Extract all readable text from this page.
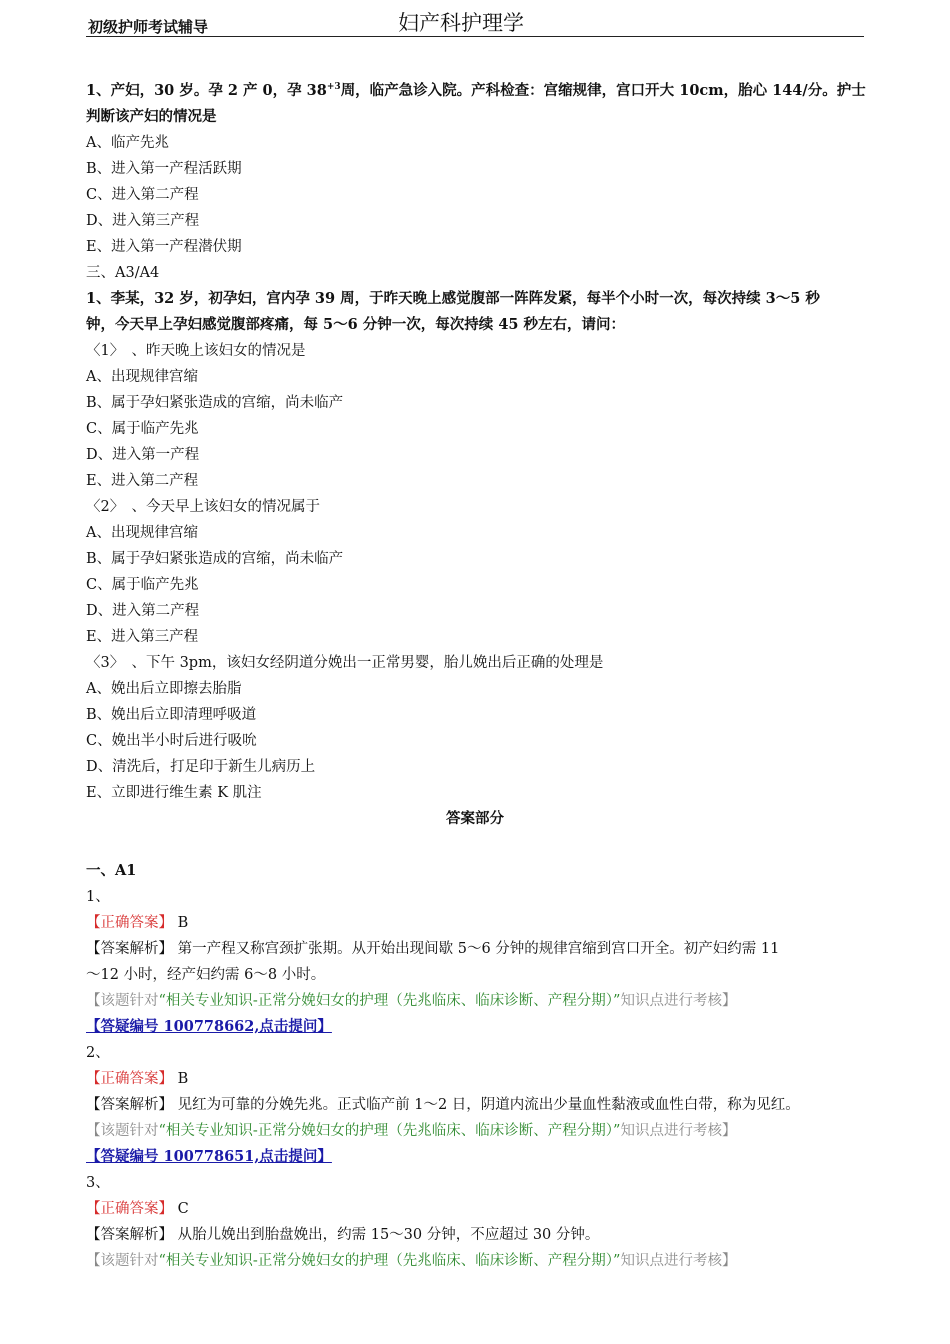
初级护师考试辅导	妇产科护理学
1、产妇，30 岁。孕 2 产 0，孕 $38^{+3}$周，临产急诊入院。产科检查：宫缩规律，宫口开大 10cm，胎心 144/分。护士
判断该产妇的情况是
A、临产先兆
B、进入第一产程活跃期
C、进入第二产程
D、进入第三产程
E、进入第一产程潜伏期
三、A3/A4
1、李某，32 岁，初孕妇，宫内孕 39 周，于昨天晚上感觉腹部一阵阵发紧，每半个小时一次，每次持续 3～5 秒
钟，今天早上孕妇感觉腹部疼痛，每 5～6 分钟一次，每次持续 45 秒左右，请问：
〈1〉　、昨天晚上该妇女的情况是
A、出现规律宫缩
B、属于孕妇紧张造成的宫缩，尚未临产
C、属于临产先兆
D、进入第一产程
E、进入第二产程
〈2〉　、今天早上该妇女的情况属于
A、出现规律宫缩
B、属于孕妇紧张造成的宫缩，尚未临产
C、属于临产先兆
D、进入第二产程
E、进入第三产程
〈3〉　、下午 3pm，该妇女经阴道分娩出一正常男婴，胎儿娩出后正确的处理是
A、娩出后立即擦去胎脂
B、娩出后立即清理呼吸道
C、娩出半小时后进行吸吮
D、清洗后，打足印于新生儿病历上
E、立即进行维生素 K 肌注
答案部分
一、A1
1、
【正确答案】 B
【答案解析】 第一产程又称宫颈扩张期。从开始出现间歇 5～6 分钟的规律宫缩到宫口开全。初产妇约需 11
～12 小时，经产妇约需 6～8 小时。
【该题针对“相关专业知识-正常分娩妇女的护理（先兆临床、临床诊断、产程分期）”知识点进行考核】
【答疑编号 100778662,点击提问】
2、
【正确答案】 B
【答案解析】 见红为可靠的分娩先兆。正式临产前 1～2 日，阴道内流出少量血性黏液或血性白带，称为见红。
【该题针对“相关专业知识-正常分娩妇女的护理（先兆临床、临床诊断、产程分期）”知识点进行考核】
【答疑编号 100778651,点击提问】
3、
【正确答案】 C
【答案解析】 从胎儿娩出到胎盘娩出，约需 15～30 分钟，不应超过 30 分钟。
【该题针对“相关专业知识-正常分娩妇女的护理（先兆临床、临床诊断、产程分期）”知识点进行考核】
